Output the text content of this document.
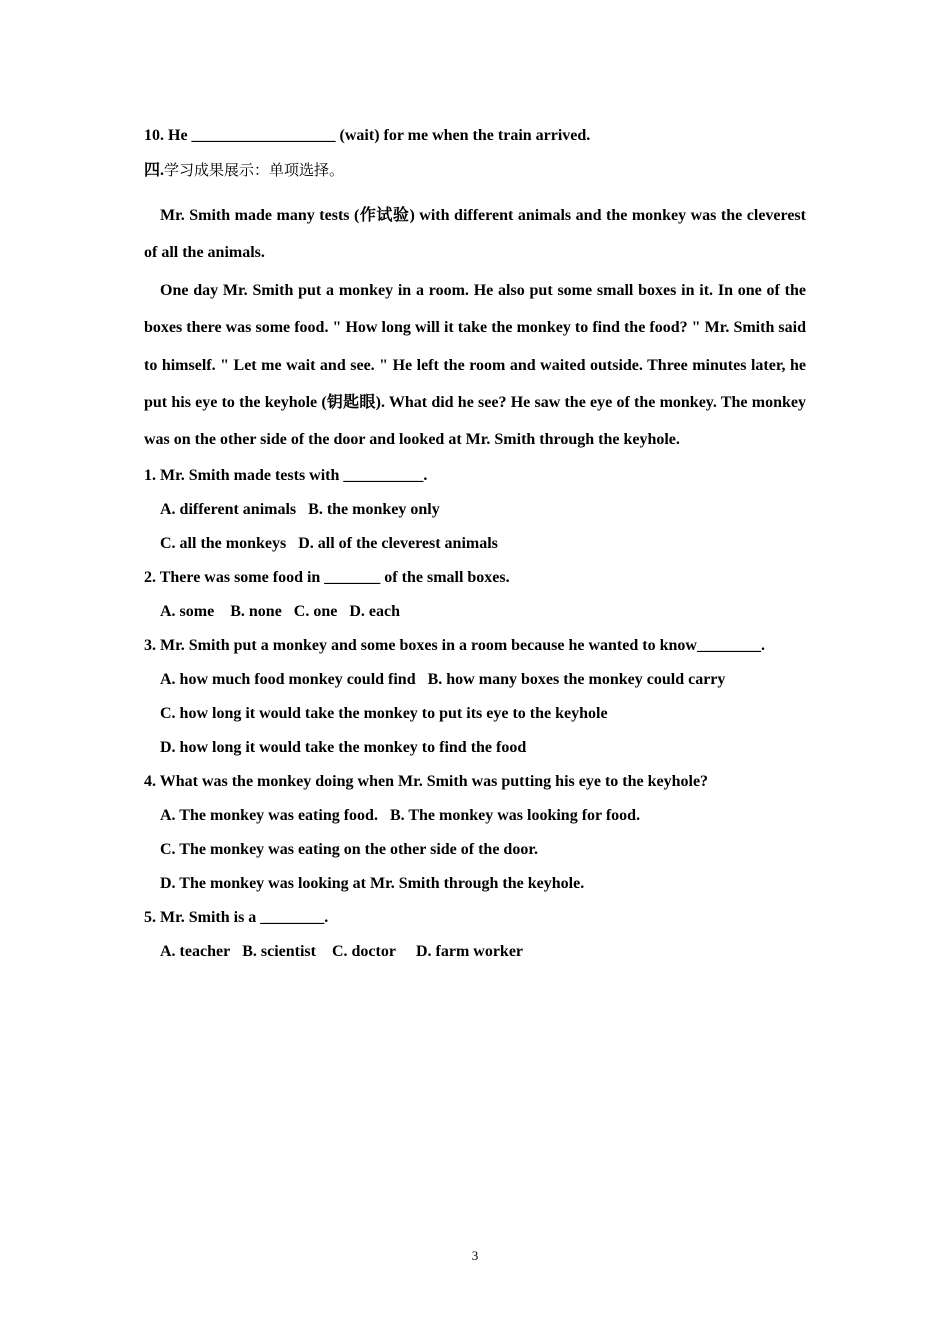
10. He __________________ (wait) for me when the train arrived.
四.学习成果展示：单项选择。

Mr. Smith made many tests (作试验) with different animals and the monkey was the cleverest of all the animals.

One day Mr. Smith put a monkey in a room. He also put some small boxes in it. In one of the boxes there was some food. " How long will it take the monkey to find the food? " Mr. Smith said to himself. " Let me wait and see. " He left the room and waited outside. Three minutes later, he put his eye to the keyhole (钥匙眼). What did he see? He saw the eye of the monkey. The monkey was on the other side of the door and looked at Mr. Smith through the keyhole.

1. Mr. Smith made tests with __________.
A. different animals B. the monkey only
C. all the monkeys D. all of the cleverest animals
2. There was some food in _______ of the small boxes.
A. some B. none C. one D. each
3. Mr. Smith put a monkey and some boxes in a room because he wanted to know________.
A. how much food monkey could find B. how many boxes the monkey could carry
C. how long it would take the monkey to put its eye to the keyhole
D. how long it would take the monkey to find the food
4. What was the monkey doing when Mr. Smith was putting his eye to the keyhole?
A. The monkey was eating food. B. The monkey was looking for food.
C. The monkey was eating on the other side of the door.
D. The monkey was looking at Mr. Smith through the keyhole.
5. Mr. Smith is a ________.
A. teacher B. scientist C. doctor D. farm worker
3
